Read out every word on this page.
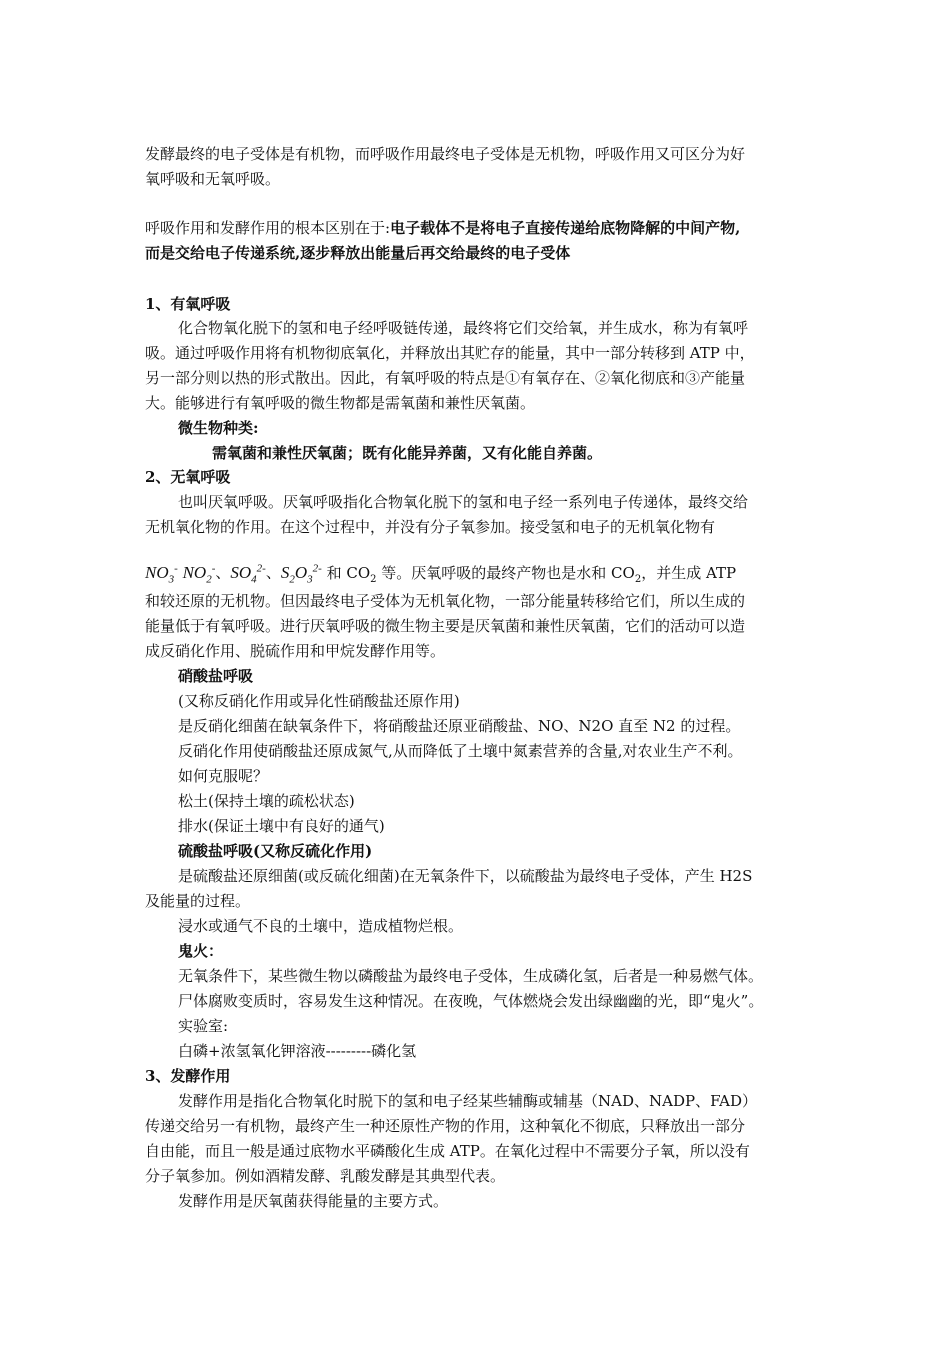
发酵最终的电子受体是有机物，而呼吸作用最终电子受体是无机物，呼吸作用又可区分为好
氧呼吸和无氧呼吸。
呼吸作用和发酵作用的根本区别在于:电子载体不是将电子直接传递给底物降解的中间产物,
而是交给电子传递系统,逐步释放出能量后再交给最终的电子受体
1、有氧呼吸
化合物氧化脱下的氢和电子经呼吸链传递，最终将它们交给氧，并生成水，称为有氧呼
吸。通过呼吸作用将有机物彻底氧化，并释放出其贮存的能量，其中一部分转移到 ATP 中，
另一部分则以热的形式散出。因此，有氧呼吸的特点是①有氧存在、②氧化彻底和③产能量
大。能够进行有氧呼吸的微生物都是需氧菌和兼性厌氧菌。
微生物种类:
需氧菌和兼性厌氧菌；既有化能异养菌，又有化能自养菌。
2、无氧呼吸
也叫厌氧呼吸。厌氧呼吸指化合物氧化脱下的氢和电子经一系列电子传递体，最终交给
无机氧化物的作用。在这个过程中，并没有分子氧参加。接受氢和电子的无机氧化物有
$NO_3^-$ $NO_2^-$、$SO_4^{2-}$、$S_2O_3^{2-}$ 和 $CO_2$ 等。厌氧呼吸的最终产物也是水和 $CO_2$，并生成 ATP
和较还原的无机物。但因最终电子受体为无机氧化物，一部分能量转移给它们，所以生成的
能量低于有氧呼吸。进行厌氧呼吸的微生物主要是厌氧菌和兼性厌氧菌，它们的活动可以造
成反硝化作用、脱硫作用和甲烷发酵作用等。
硝酸盐呼吸
(又称反硝化作用或异化性硝酸盐还原作用)
是反硝化细菌在缺氧条件下，将硝酸盐还原亚硝酸盐、NO、N2O 直至 N2 的过程。
反硝化作用使硝酸盐还原成氮气,从而降低了土壤中氮素营养的含量,对农业生产不利。
如何克服呢？
松土(保持土壤的疏松状态)
排水(保证土壤中有良好的通气)
硫酸盐呼吸(又称反硫化作用)
是硫酸盐还原细菌(或反硫化细菌)在无氧条件下，以硫酸盐为最终电子受体，产生 H2S
及能量的过程。
浸水或通气不良的土壤中，造成植物烂根。
鬼火：
无氧条件下，某些微生物以磷酸盐为最终电子受体，生成磷化氢，后者是一种易燃气体。
尸体腐败变质时，容易发生这种情况。在夜晚，气体燃烧会发出绿幽幽的光，即“鬼火”。
实验室:
白磷+浓氢氧化钾溶液---------磷化氢
3、发酵作用
发酵作用是指化合物氧化时脱下的氢和电子经某些辅酶或辅基（NAD、NADP、FAD）
传递交给另一有机物，最终产生一种还原性产物的作用，这种氧化不彻底，只释放出一部分
自由能，而且一般是通过底物水平磷酸化生成 ATP。在氧化过程中不需要分子氧，所以没有
分子氧参加。例如酒精发酵、乳酸发酵是其典型代表。
发酵作用是厌氧菌获得能量的主要方式。
